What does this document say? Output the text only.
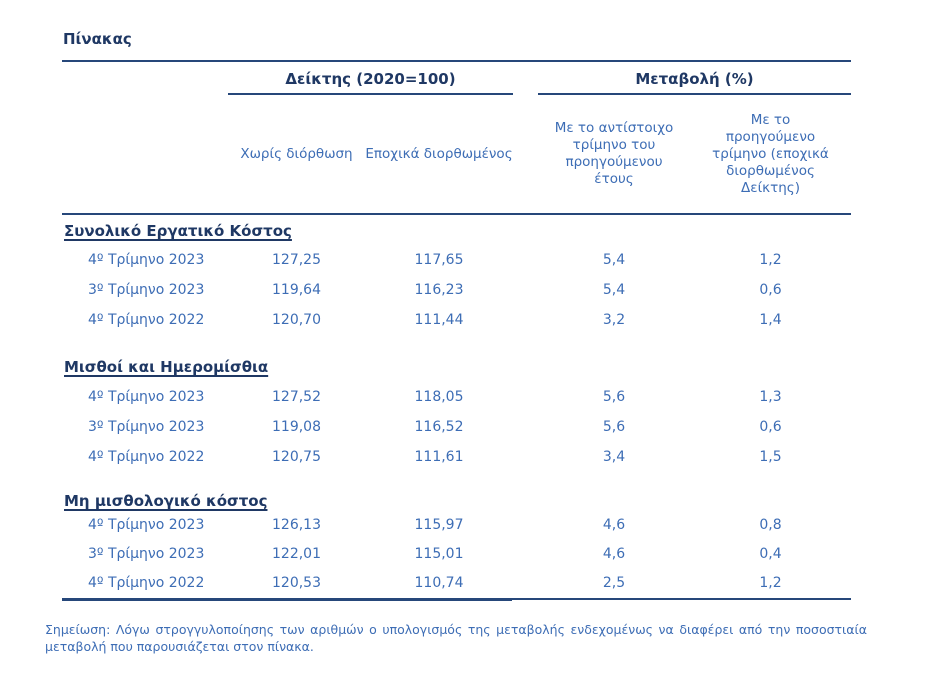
Πίνακας
Δείκτης (2020=100)	Μεταβολή (%)
Χωρίς διόρθωση Εποχικά διορθωμένος
Με το αντίστοιχο τρίμηνο του προηγούμενου έτους
Με το προηγούμενο τρίμηνο (εποχικά διορθωμένος Δείκτης)
Συνολικό Εργατικό Κόστος
4º Τρίμηνο 2023	127,25	117,65	5,4	1,2
3º Τρίμηνο 2023	119,64	116,23	5,4	0,6
4º Τρίμηνο 2022	120,70	111,44	3,2	1,4
Μισθοί και Ημερομίσθια
4º Τρίμηνο 2023	127,52	118,05	5,6	1,3
3º Τρίμηνο 2023	119,08	116,52	5,6	0,6
4º Τρίμηνο 2022	120,75	111,61	3,4	1,5
Μη μισθολογικό κόστος
4º Τρίμηνο 2023	126,13	115,97	4,6	0,8
3º Τρίμηνο 2023	122,01	115,01	4,6	0,4
4º Τρίμηνο 2022	120,53	110,74	2,5	1,2

Σημείωση: Λόγω στρογγυλοποίησης των αριθμών ο υπολογισμός της μεταβολής ενδεχομένως να διαφέρει από την ποσοστιαία μεταβολή που παρουσιάζεται στον πίνακα.
